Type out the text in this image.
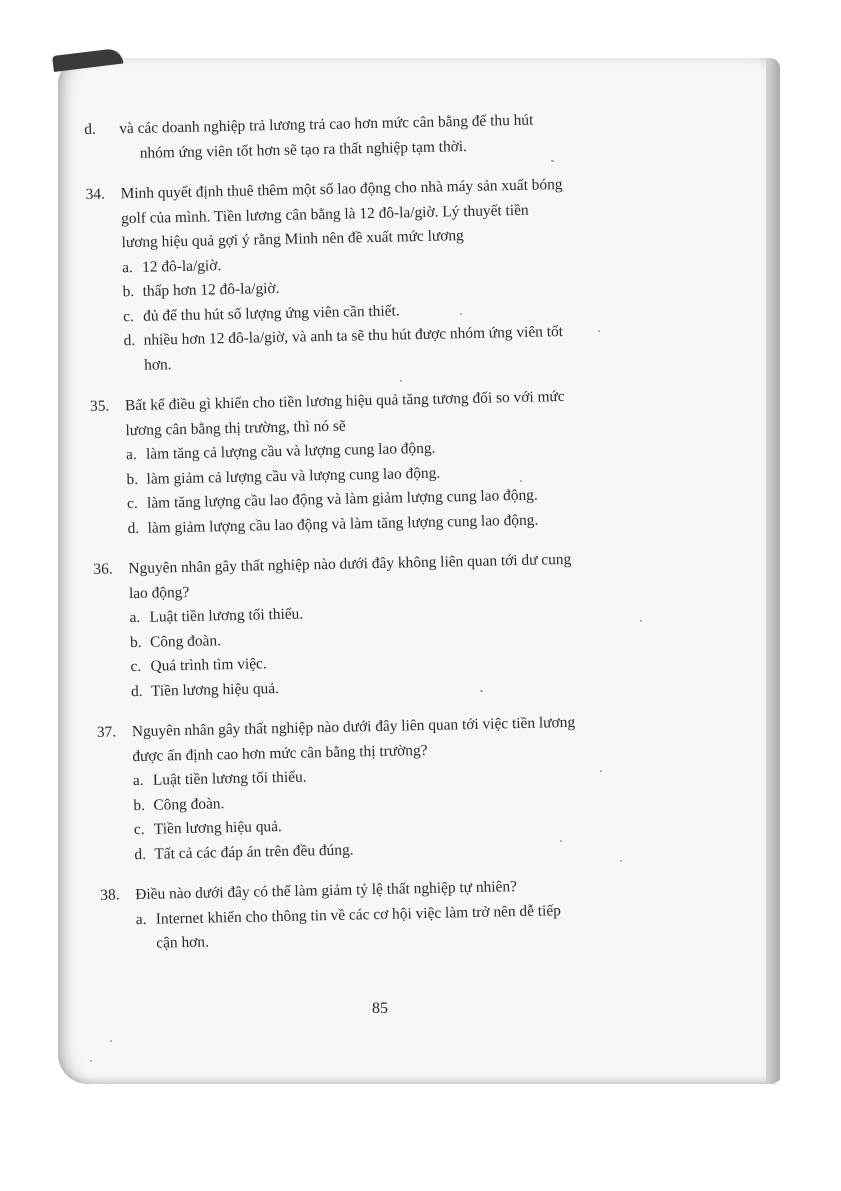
d. và các doanh nghiệp trả lương trả cao hơn mức cân bằng để thu hút
nhóm ứng viên tốt hơn sẽ tạo ra thất nghiệp tạm thời.
34. Minh quyết định thuê thêm một số lao động cho nhà máy sản xuất bóng
golf của mình. Tiền lương cân bằng là 12 đô-la/giờ. Lý thuyết tiền
lương hiệu quả gợi ý rằng Minh nên đề xuất mức lương
a. 12 đô-la/giờ.
b. thấp hơn 12 đô-la/giờ.
c. đủ để thu hút số lượng ứng viên cần thiết.
d. nhiều hơn 12 đô-la/giờ, và anh ta sẽ thu hút được nhóm ứng viên tốt
hơn.
35. Bất kể điều gì khiến cho tiền lương hiệu quả tăng tương đối so với mức
lương cân bằng thị trường, thì nó sẽ
a. làm tăng cả lượng cầu và lượng cung lao động.
b. làm giảm cả lượng cầu và lượng cung lao động.
c. làm tăng lượng cầu lao động và làm giảm lượng cung lao động.
d. làm giảm lượng cầu lao động và làm tăng lượng cung lao động.
36. Nguyên nhân gây thất nghiệp nào dưới đây không liên quan tới dư cung
lao động?
a. Luật tiền lương tối thiểu.
b. Công đoàn.
c. Quá trình tìm việc.
d. Tiền lương hiệu quả.
37. Nguyên nhân gây thất nghiệp nào dưới đây liên quan tới việc tiền lương
được ấn định cao hơn mức cân bằng thị trường?
a. Luật tiền lương tối thiểu.
b. Công đoàn.
c. Tiền lương hiệu quả.
d. Tất cả các đáp án trên đều đúng.
38. Điều nào dưới đây có thể làm giảm tỷ lệ thất nghiệp tự nhiên?
a. Internet khiến cho thông tin về các cơ hội việc làm trở nên dễ tiếp
cận hơn.
85
